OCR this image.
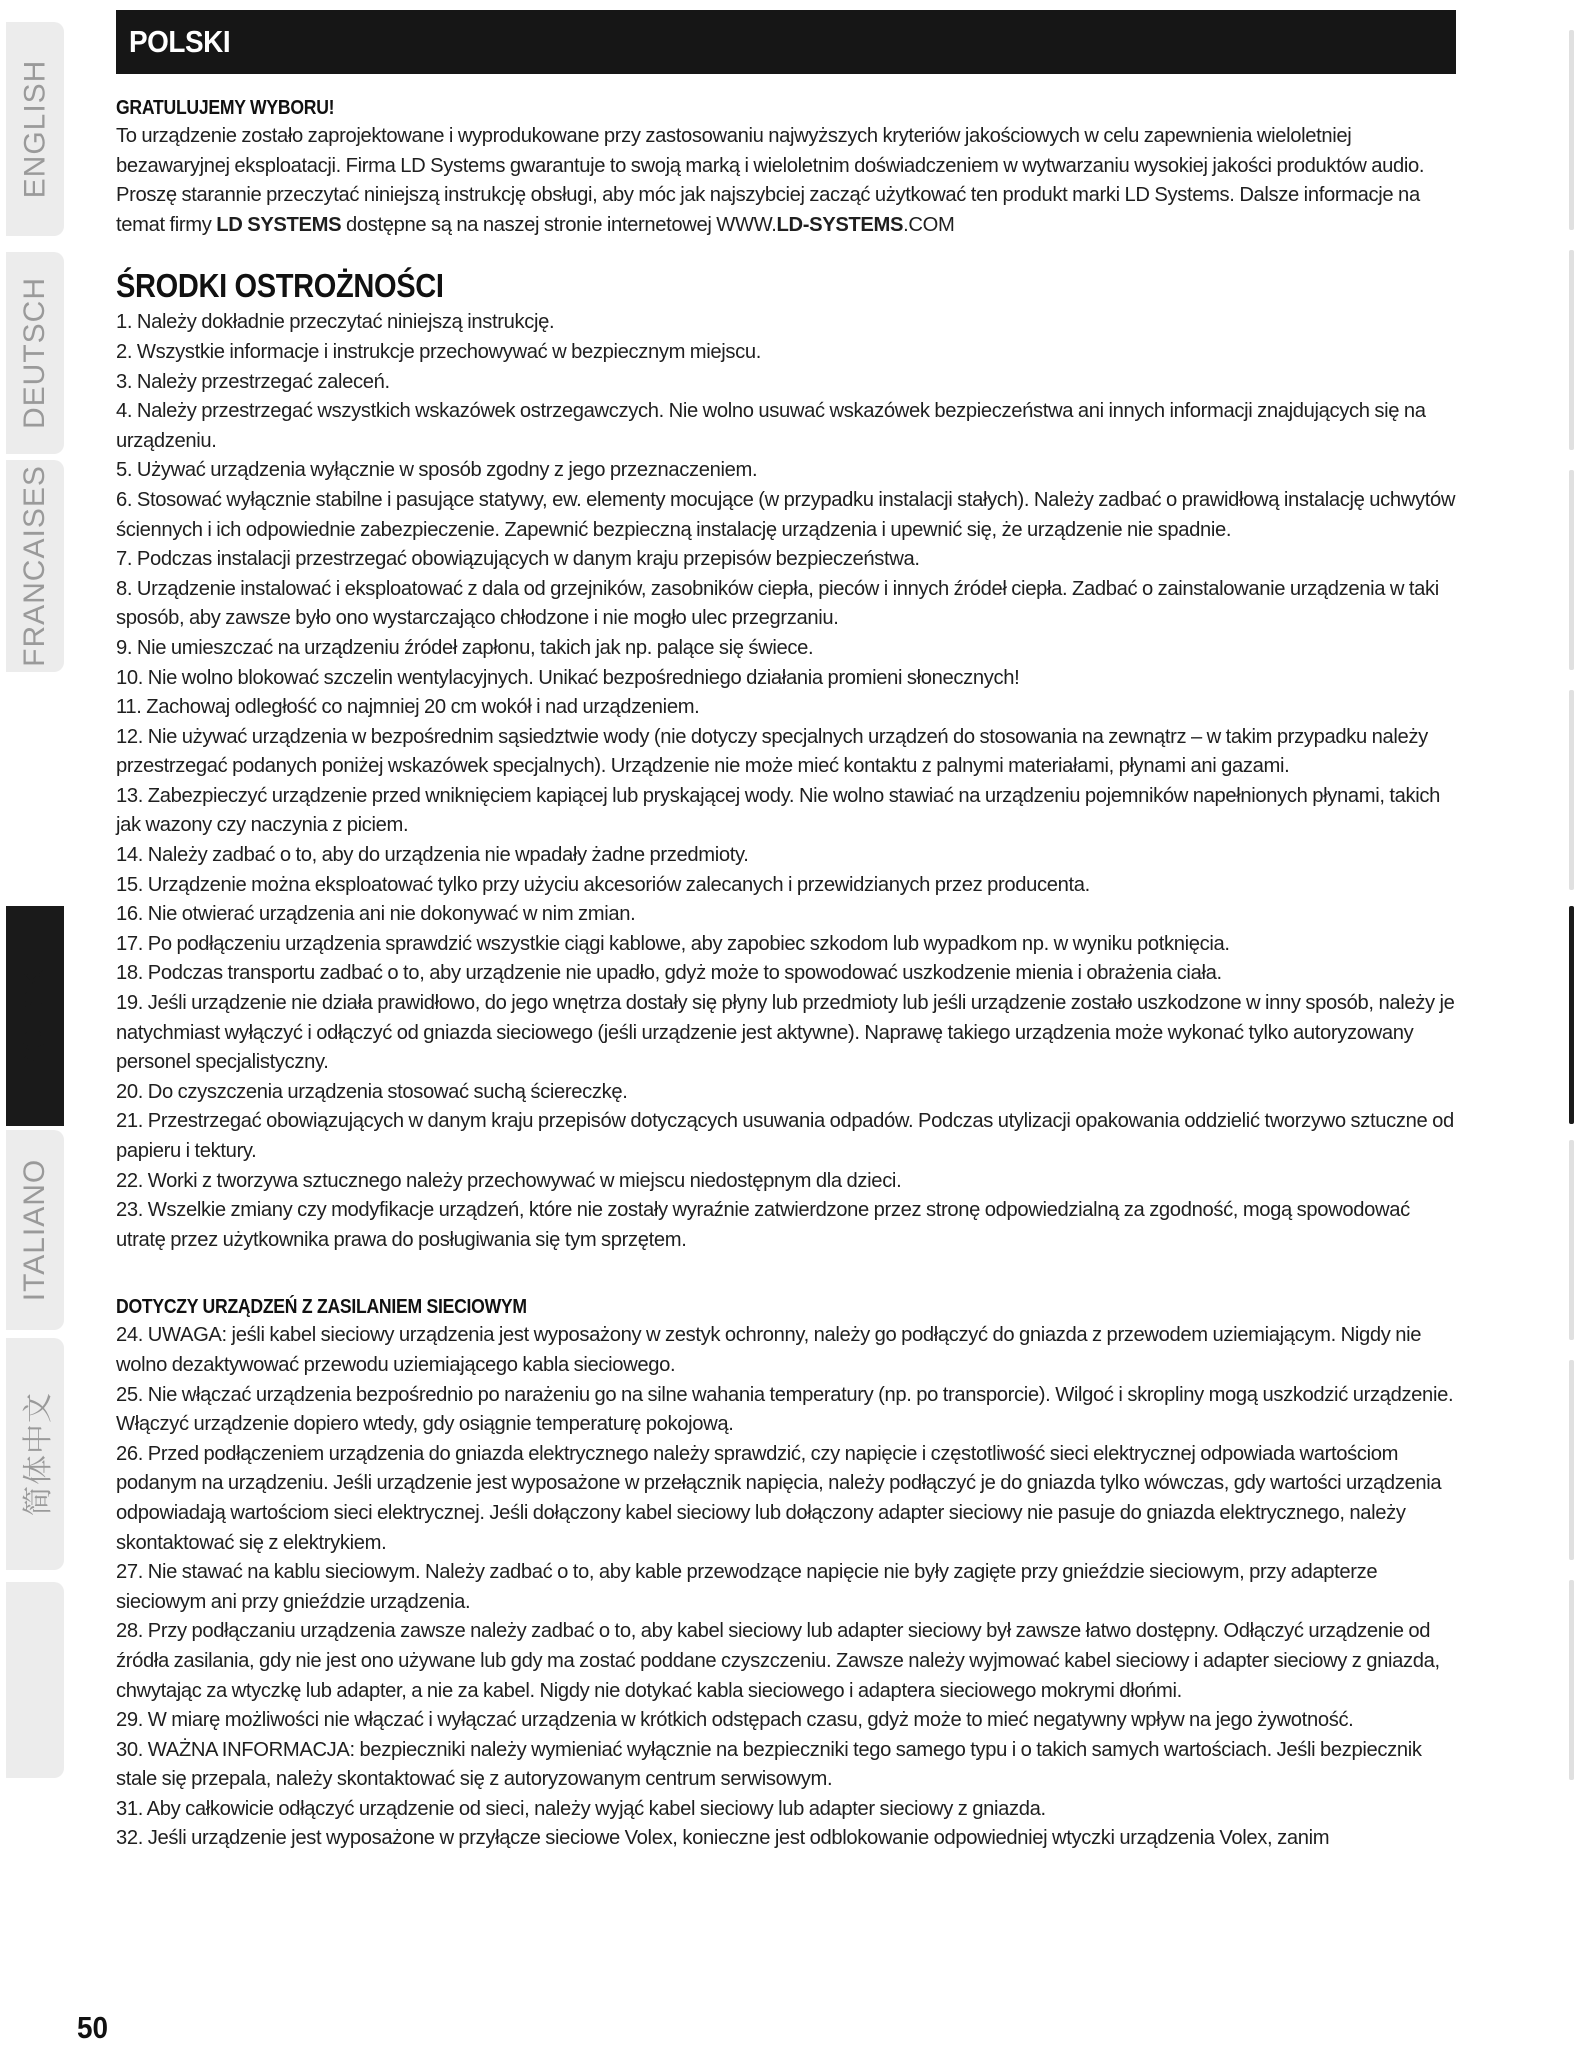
ENGLISH
DEUTSCH
FRANCAISES
POLSKI
ITALIANO
简体中文
POLSKI
GRATULUJEMY WYBORU!

To urządzenie zostało zaprojektowane i wyprodukowane przy zastosowaniu najwyższych kryteriów jakościowych w celu zapewnienia wieloletniej bezawaryjnej eksploatacji. Firma LD Systems gwarantuje to swoją marką i wieloletnim doświadczeniem w wytwarzaniu wysokiej jakości produktów audio. Proszę starannie przeczytać niniejszą instrukcję obsługi, aby móc jak najszybciej zacząć użytkować ten produkt marki LD Systems. Dalsze informacje na temat firmy LD SYSTEMS dostępne są na naszej stronie internetowej WWW.LD-SYSTEMS.COM

ŚRODKI OSTROŻNOŚCI

1. Należy dokładnie przeczytać niniejszą instrukcję.

2. Wszystkie informacje i instrukcje przechowywać w bezpiecznym miejscu.

3. Należy przestrzegać zaleceń.

4. Należy przestrzegać wszystkich wskazówek ostrzegawczych. Nie wolno usuwać wskazówek bezpieczeństwa ani innych informacji znajdujących się na urządzeniu.

5. Używać urządzenia wyłącznie w sposób zgodny z jego przeznaczeniem.

6. Stosować wyłącznie stabilne i pasujące statywy, ew. elementy mocujące (w przypadku instalacji stałych). Należy zadbać o prawidłową instalację uchwytów ściennych i ich odpowiednie zabezpieczenie. Zapewnić bezpieczną instalację urządzenia i upewnić się, że urządzenie nie spadnie.

7. Podczas instalacji przestrzegać obowiązujących w danym kraju przepisów bezpieczeństwa.

8. Urządzenie instalować i eksploatować z dala od grzejników, zasobników ciepła, pieców i innych źródeł ciepła. Zadbać o zainstalowanie urządzenia w taki sposób, aby zawsze było ono wystarczająco chłodzone i nie mogło ulec przegrzaniu.

9. Nie umieszczać na urządzeniu źródeł zapłonu, takich jak np. palące się świece.

10. Nie wolno blokować szczelin wentylacyjnych. Unikać bezpośredniego działania promieni słonecznych!

11. Zachowaj odległość co najmniej 20 cm wokół i nad urządzeniem.

12. Nie używać urządzenia w bezpośrednim sąsiedztwie wody (nie dotyczy specjalnych urządzeń do stosowania na zewnątrz – w takim przypadku należy przestrzegać podanych poniżej wskazówek specjalnych). Urządzenie nie może mieć kontaktu z palnymi materiałami, płynami ani gazami.

13. Zabezpieczyć urządzenie przed wniknięciem kapiącej lub pryskającej wody. Nie wolno stawiać na urządzeniu pojemników napełnionych płynami, takich jak wazony czy naczynia z piciem.

14. Należy zadbać o to, aby do urządzenia nie wpadały żadne przedmioty.

15. Urządzenie można eksploatować tylko przy użyciu akcesoriów zalecanych i przewidzianych przez producenta.

16. Nie otwierać urządzenia ani nie dokonywać w nim zmian.

17. Po podłączeniu urządzenia sprawdzić wszystkie ciągi kablowe, aby zapobiec szkodom lub wypadkom np. w wyniku potknięcia.

18. Podczas transportu zadbać o to, aby urządzenie nie upadło, gdyż może to spowodować uszkodzenie mienia i obrażenia ciała.

19. Jeśli urządzenie nie działa prawidłowo, do jego wnętrza dostały się płyny lub przedmioty lub jeśli urządzenie zostało uszkodzone w inny sposób, należy je natychmiast wyłączyć i odłączyć od gniazda sieciowego (jeśli urządzenie jest aktywne). Naprawę takiego urządzenia może wykonać tylko autoryzowany personel specjalistyczny.

20. Do czyszczenia urządzenia stosować suchą ściereczkę.

21. Przestrzegać obowiązujących w danym kraju przepisów dotyczących usuwania odpadów. Podczas utylizacji opakowania oddzielić tworzywo sztuczne od papieru i tektury.

22. Worki z tworzywa sztucznego należy przechowywać w miejscu niedostępnym dla dzieci.

23. Wszelkie zmiany czy modyfikacje urządzeń, które nie zostały wyraźnie zatwierdzone przez stronę odpowiedzialną za zgodność, mogą spowodować utratę przez użytkownika prawa do posługiwania się tym sprzętem.

DOTYCZY URZĄDZEŃ Z ZASILANIEM SIECIOWYM

24. UWAGA: jeśli kabel sieciowy urządzenia jest wyposażony w zestyk ochronny, należy go podłączyć do gniazda z przewodem uziemiającym. Nigdy nie wolno dezaktywować przewodu uziemiającego kabla sieciowego.

25. Nie włączać urządzenia bezpośrednio po narażeniu go na silne wahania temperatury (np. po transporcie). Wilgoć i skropliny mogą uszkodzić urządzenie. Włączyć urządzenie dopiero wtedy, gdy osiągnie temperaturę pokojową.

26. Przed podłączeniem urządzenia do gniazda elektrycznego należy sprawdzić, czy napięcie i częstotliwość sieci elektrycznej odpowiada wartościom podanym na urządzeniu. Jeśli urządzenie jest wyposażone w przełącznik napięcia, należy podłączyć je do gniazda tylko wówczas, gdy wartości urządzenia odpowiadają wartościom sieci elektrycznej. Jeśli dołączony kabel sieciowy lub dołączony adapter sieciowy nie pasuje do gniazda elektrycznego, należy skontaktować się z elektrykiem.

27. Nie stawać na kablu sieciowym. Należy zadbać o to, aby kable przewodzące napięcie nie były zagięte przy gnieździe sieciowym, przy adapterze sieciowym ani przy gnieździe urządzenia.

28. Przy podłączaniu urządzenia zawsze należy zadbać o to, aby kabel sieciowy lub adapter sieciowy był zawsze łatwo dostępny. Odłączyć urządzenie od źródła zasilania, gdy nie jest ono używane lub gdy ma zostać poddane czyszczeniu. Zawsze należy wyjmować kabel sieciowy i adapter sieciowy z gniazda, chwytając za wtyczkę lub adapter, a nie za kabel. Nigdy nie dotykać kabla sieciowego i adaptera sieciowego mokrymi dłońmi.

29. W miarę możliwości nie włączać i wyłączać urządzenia w krótkich odstępach czasu, gdyż może to mieć negatywny wpływ na jego żywotność.

30. WAŻNA INFORMACJA: bezpieczniki należy wymieniać wyłącznie na bezpieczniki tego samego typu i o takich samych wartościach. Jeśli bezpiecznik stale się przepala, należy skontaktować się z autoryzowanym centrum serwisowym.

31. Aby całkowicie odłączyć urządzenie od sieci, należy wyjąć kabel sieciowy lub adapter sieciowy z gniazda.

32. Jeśli urządzenie jest wyposażone w przyłącze sieciowe Volex, konieczne jest odblokowanie odpowiedniej wtyczki urządzenia Volex, zanim

50
